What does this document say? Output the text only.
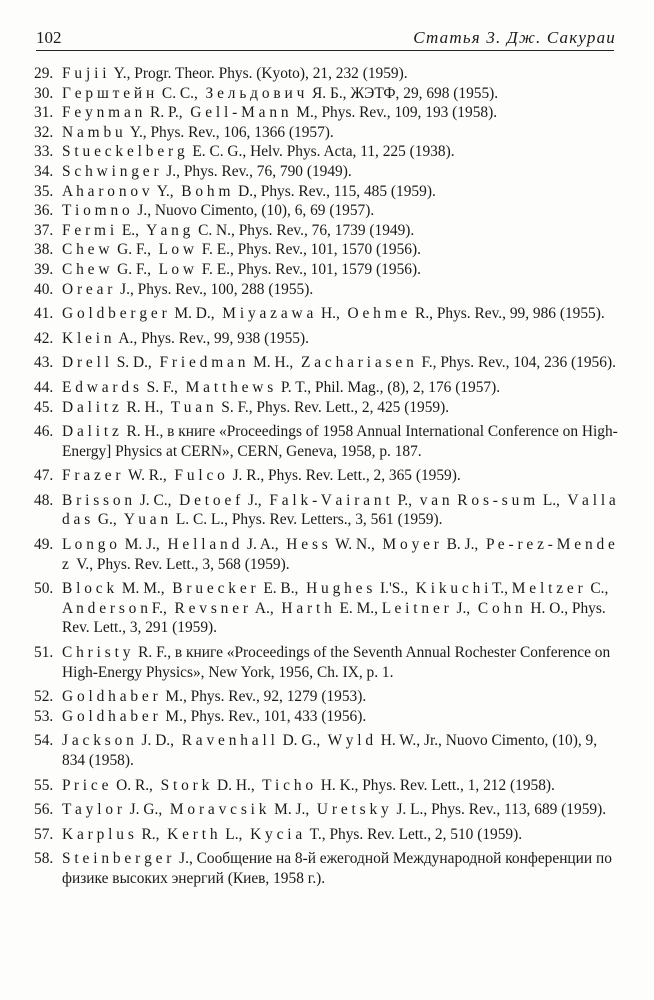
102	Статья 3. Дж. Сакураи
29. F u j i i  Y., Progr. Theor. Phys. (Kyoto), 21, 232 (1959).
30. Г е р ш т е й н  С. С.,  З е л ь д о в и ч  Я. Б., ЖЭТФ, 29, 698 (1955).
31. F e y n m a n  R. P.,  G e l l - M a n n  M., Phys. Rev., 109, 193 (1958).
32. N a m b u  Y., Phys. Rev., 106, 1366 (1957).
33. S t u e c k e l b e r g  E. C. G., Helv. Phys. Acta, 11, 225 (1938).
34. S c h w i n g e r  J., Phys. Rev., 76, 790 (1949).
35. A h a r o n o v  Y.,  B o h m  D., Phys. Rev., 115, 485 (1959).
36. T i o m n o  J., Nuovo Cimento, (10), 6, 69 (1957).
37. F e r m i  E.,  Y a n g  C. N., Phys. Rev., 76, 1739 (1949).
38. C h e w  G. F.,  L o w  F. E., Phys. Rev., 101, 1570 (1956).
39. C h e w  G. F.,  L o w  F. E., Phys. Rev., 101, 1579 (1956).
40. O r e a r  J., Phys. Rev., 100, 288 (1955).
41. G o l d b e r g e r  M. D.,  M i y a z a w a  H.,  O e h m e  R., Phys. Rev., 99, 986 (1955).
42. K l e i n  A., Phys. Rev., 99, 938 (1955).
43. D r e l l  S. D.,  F r i e d m a n  M. H.,  Z a c h a r i a s e n  F., Phys. Rev., 104, 236 (1956).
44. E d w a r d s  S. F.,  M a t t h e w s  P. T., Phil. Mag., (8), 2, 176 (1957).
45. D a l i t z  R. H.,  T u a n  S. F., Phys. Rev. Lett., 2, 425 (1959).
46. D a l i t z  R. H., в книге «Proceedings of 1958 Annual International Conference on High-Energy] Physics at CERN», CERN, Geneva, 1958, p. 187.
47. F r a z e r  W. R.,  F u l c o  J. R., Phys. Rev. Lett., 2, 365 (1959).
48. B r i s s o n  J. C.,  D e t o e f  J.,  F a l k - V a i r a n t  P.,  v a n  R o s - s u m  L.,  V a l l a d a s  G.,  Y u a n  L. C. L., Phys. Rev. Letters., 3, 561 (1959).
49. L o n g o  M. J.,  H e l l a n d  J. A.,  H e s s  W. N.,  M o y e r  B. J.,  P e - r e z - M e n d e z  V., Phys. Rev. Lett., 3, 568 (1959).
50. B l o c k  M. M.,  B r u e c k e r  E. B.,  H u g h e s  I.'S.,  K i k u c h i T., M e l t z e r  C.,  A n d e r s o n F.,  R e v s n e r  A.,  H a r t h  E. M., L e i t n e r  J.,  C o h n  H. O., Phys. Rev. Lett., 3, 291 (1959).
51. C h r i s t y  R. F., в книге «Proceedings of the Seventh Annual Rochester Conference on High-Energy Physics», New York, 1956, Ch. IX, p. 1.
52. G o l d h a b e r  M., Phys. Rev., 92, 1279 (1953).
53. G o l d h a b e r  M., Phys. Rev., 101, 433 (1956).
54. J a c k s o n  J. D.,  R a v e n h a l l  D. G.,  W y l d  H. W., Jr., Nuovo Cimento, (10), 9, 834 (1958).
55. P r i c e  O. R.,  S t o r k  D. H.,  T i c h o  H. K., Phys. Rev. Lett., 1, 212 (1958).
56. T a y l o r  J. G.,  M o r a v c s i k  M. J.,  U r e t s k y  J. L., Phys. Rev., 113, 689 (1959).
57. K a r p l u s  R.,  K e r t h  L.,  K y c i a  T., Phys. Rev. Lett., 2, 510 (1959).
58. S t e i n b e r g e r  J., Сообщение на 8-й ежегодной Международной конференции по физике высоких энергий (Киев, 1958 г.).
